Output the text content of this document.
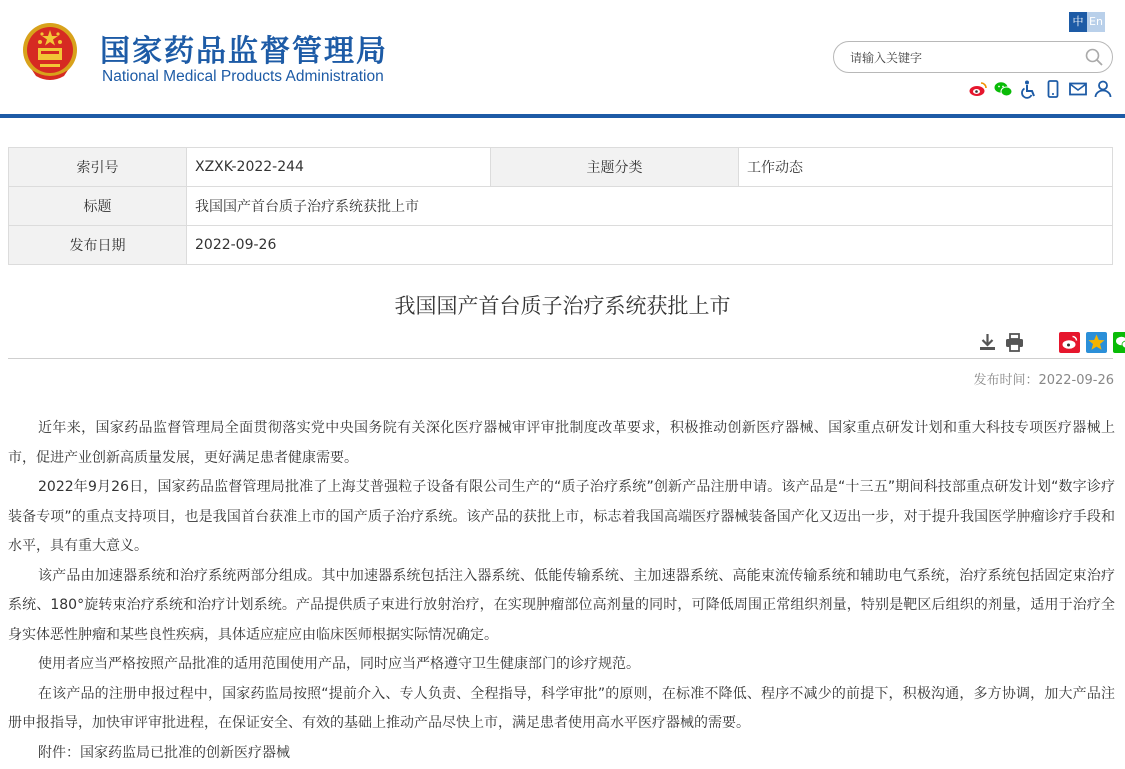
国家药品监督管理局
National Medical Products Administration
中 En
请输入关键字
索引号	XZXK-2022-244	主题分类	工作动态
标题	我国国产首台质子治疗系统获批上市		
发布日期	2022-09-26		
我国国产首台质子治疗系统获批上市
发布时间：2022-09-26

近年来，国家药品监督管理局全面贯彻落实党中央国务院有关深化医疗器械审评审批制度改革要求，积极推动创新医疗器械、国家重点研发计划和重大科技专项医疗器械上市，促进产业创新高质量发展，更好满足患者健康需要。

2022年9月26日，国家药品监督管理局批准了上海艾普强粒子设备有限公司生产的“质子治疗系统”创新产品注册申请。该产品是“十三五”期间科技部重点研发计划“数字诊疗装备专项”的重点支持项目，也是我国首台获准上市的国产质子治疗系统。该产品的获批上市，标志着我国高端医疗器械装备国产化又迈出一步，对于提升我国医学肿瘤诊疗手段和水平，具有重大意义。

该产品由加速器系统和治疗系统两部分组成。其中加速器系统包括注入器系统、低能传输系统、主加速器系统、高能束流传输系统和辅助电气系统，治疗系统包括固定束治疗系统、180°旋转束治疗系统和治疗计划系统。产品提供质子束进行放射治疗，在实现肿瘤部位高剂量的同时，可降低周围正常组织剂量，特别是靶区后组织的剂量，适用于治疗全身实体恶性肿瘤和某些良性疾病，具体适应症应由临床医师根据实际情况确定。

使用者应当严格按照产品批准的适用范围使用产品，同时应当严格遵守卫生健康部门的诊疗规范。

在该产品的注册申报过程中，国家药监局按照“提前介入、专人负责、全程指导，科学审批”的原则，在标准不降低、程序不减少的前提下，积极沟通，多方协调，加大产品注册申报指导，加快审评审批进程，在保证安全、有效的基础上推动产品尽快上市，满足患者使用高水平医疗器械的需要。

附件：国家药监局已批准的创新医疗器械
